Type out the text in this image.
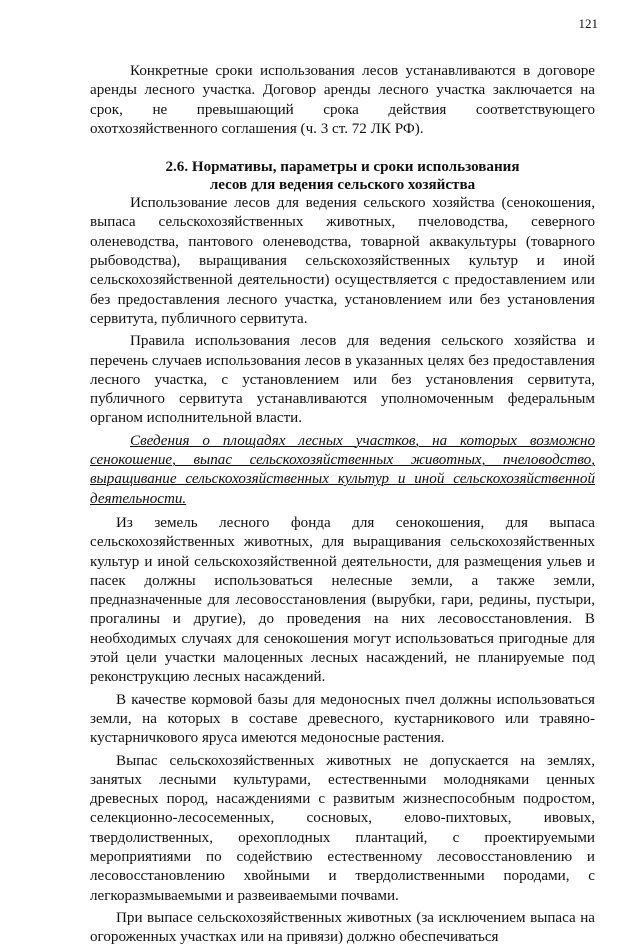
121

Конкретные сроки использования лесов устанавливаются в договоре аренды лесного участка. Договор аренды лесного участка заключается на срок, не превышающий срока действия соответствующего охотхозяйственного соглашения (ч. 3 ст. 72 ЛК РФ).

2.6. Нормативы, параметры и сроки использования
лесов для ведения сельского хозяйства

Использование лесов для ведения сельского хозяйства (сенокошения, выпаса сельскохозяйственных животных, пчеловодства, северного оленеводства, пантового оленеводства, товарной аквакультуры (товарного рыбоводства), выращивания сельскохозяйственных культур и иной сельскохозяйственной деятельности) осуществляется с предоставлением или без предоставления лесного участка, установлением или без установления сервитута, публичного сервитута.

Правила использования лесов для ведения сельского хозяйства и перечень случаев использования лесов в указанных целях без предоставления лесного участка, с установлением или без установления сервитута, публичного сервитута устанавливаются уполномоченным федеральным органом исполнительной власти.

Сведения о площадях лесных участков, на которых возможно сенокошение, выпас сельскохозяйственных животных, пчеловодство, выращивание сельскохозяйственных культур и иной сельскохозяйственной деятельности.

Из земель лесного фонда для сенокошения, для выпаса сельскохозяйственных животных, для выращивания сельскохозяйственных культур и иной сельскохозяйственной деятельности, для размещения ульев и пасек должны использоваться нелесные земли, а также земли, предназначенные для лесовосстановления (вырубки, гари, редины, пустыри, прогалины и другие), до проведения на них лесовосстановления. В необходимых случаях для сенокошения могут использоваться пригодные для этой цели участки малоценных лесных насаждений, не планируемые под реконструкцию лесных насаждений.

В качестве кормовой базы для медоносных пчел должны использоваться земли, на которых в составе древесного, кустарникового или травяно-кустарничкового яруса имеются медоносные растения.

Выпас сельскохозяйственных животных не допускается на землях, занятых лесными культурами, естественными молодняками ценных древесных пород, насаждениями с развитым жизнеспособным подростом, селекционно-лесосеменных, сосновых, елово-пихтовых, ивовых, твердолиственных, орехоплодных плантаций, с проектируемыми мероприятиями по содействию естественному лесовосстановлению и лесовосстановлению хвойными и твердолиственными породами, с легкоразмываемыми и развеиваемыми почвами.

При выпасе сельскохозяйственных животных (за исключением выпаса на огороженных участках или на привязи) должно обеспечиваться
